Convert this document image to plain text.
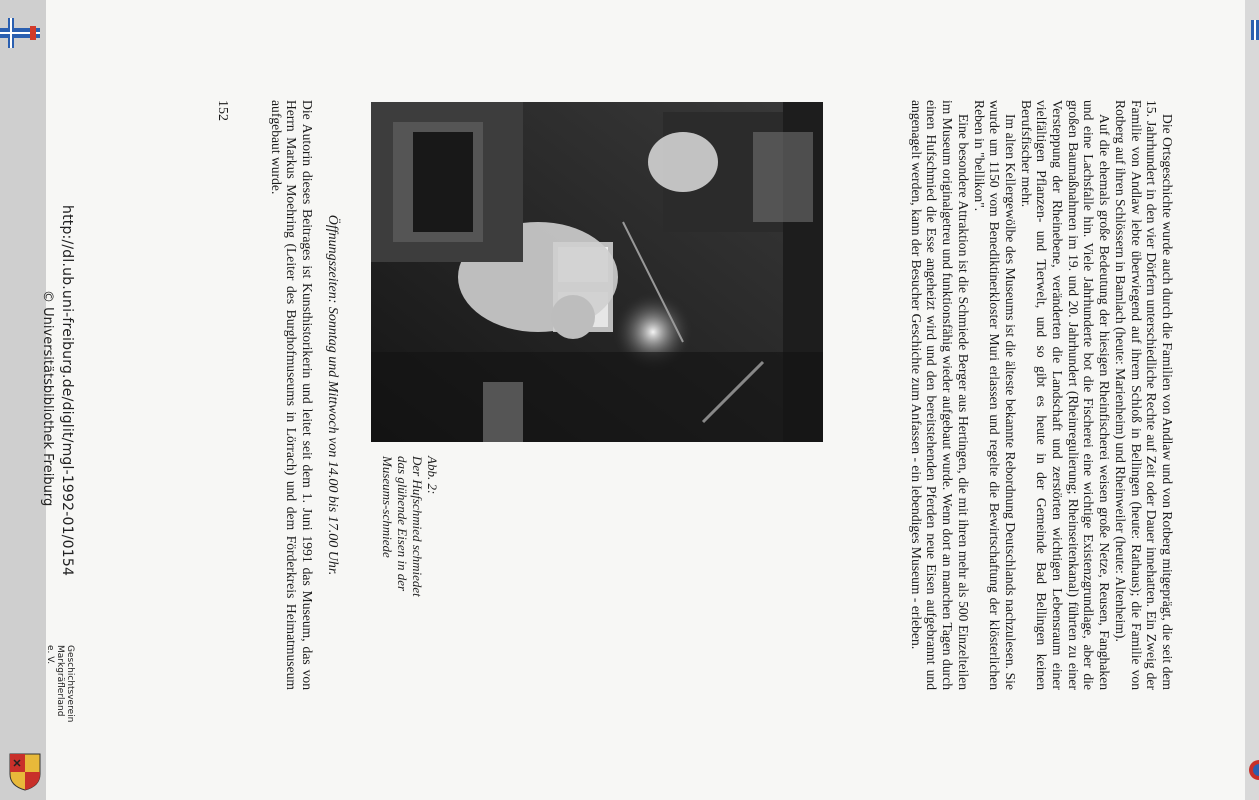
Die Ortsgeschichte wurde auch durch die Familien von Andlaw und von Rotberg mitgeprägt, die seit dem 15. Jahrhundert in den vier Dörfern unterschiedliche Rechte auf Zeit oder Dauer innehatten. Ein Zweig der Familie von Andlaw lebte überwiegend auf ihrem Schloß in Bellingen (heute: Rathaus); die Familie von Rotberg auf ihren Schlössern in Bamlach (heute: Marienheim) und Rheinweiler (heute: Altenheim).

Auf die ehemals große Bedeutung der hiesigen Rheinfischerei weisen große Netze, Reusen, Fanghaken und eine Lachsfalle hin. Viele Jahrhunderte bot die Fischerei eine wichtige Existenzgrundlage, aber die großen Baumaßnahmen im 19. und 20. Jahrhundert (Rheinregulierung; Rheinseitenkanal) führten zu einer Versteppung der Rheinebene, veränderten die Landschaft und zerstörten wichtigen Lebensraum einer vielfältigen Pflanzen- und Tierwelt, und so gibt es heute in der Gemeinde Bad Bellingen keinen Berufsfischer mehr.

Im alten Kellergewölbe des Museums ist die älteste bekannte Rebordnung Deutschlands nachzulesen. Sie wurde um 1150 vom Benediktinerkloster Muri erlassen und regelte die Bewirtschaftung der klösterlichen Reben in "bellikon".

Eine besondere Attraktion ist die Schmiede Berger aus Hertingen, die mit ihren mehr als 500 Einzelteilen im Museum originalgetreu und funktionsfähig wieder aufgebaut wurde. Wenn dort an manchen Tagen durch einen Hufschmied die Esse angeheizt wird und den bereitstehenden Pferden neue Eisen aufgebrannt und angenagelt werden, kann der Besucher Geschichte zum Anfassen - ein lebendiges Museum - erleben.

Abb. 2:
Der Hufschmied schmiedet das glühende Eisen in der Museums-schmiede
Öffnungszeiten: Sonntag und Mittwoch von 14.00 bis 17.00 Uhr.
Die Autorin dieses Beitrages ist Kunsthistorikerin und leitet seit dem 1. Juni 1991 das Museum, das von Herrn Markus Moehring (Leiter des Burghofmuseums in Lörrach) und dem Förderkreis Heimatmuseum aufgebaut wurde.
152
http://dl.ub.uni-freiburg.de/diglit/mgl-1992-01/0154
© Universitätsbibliothek Freiburg
Geschichtsverein Markgräflerland e. V.
